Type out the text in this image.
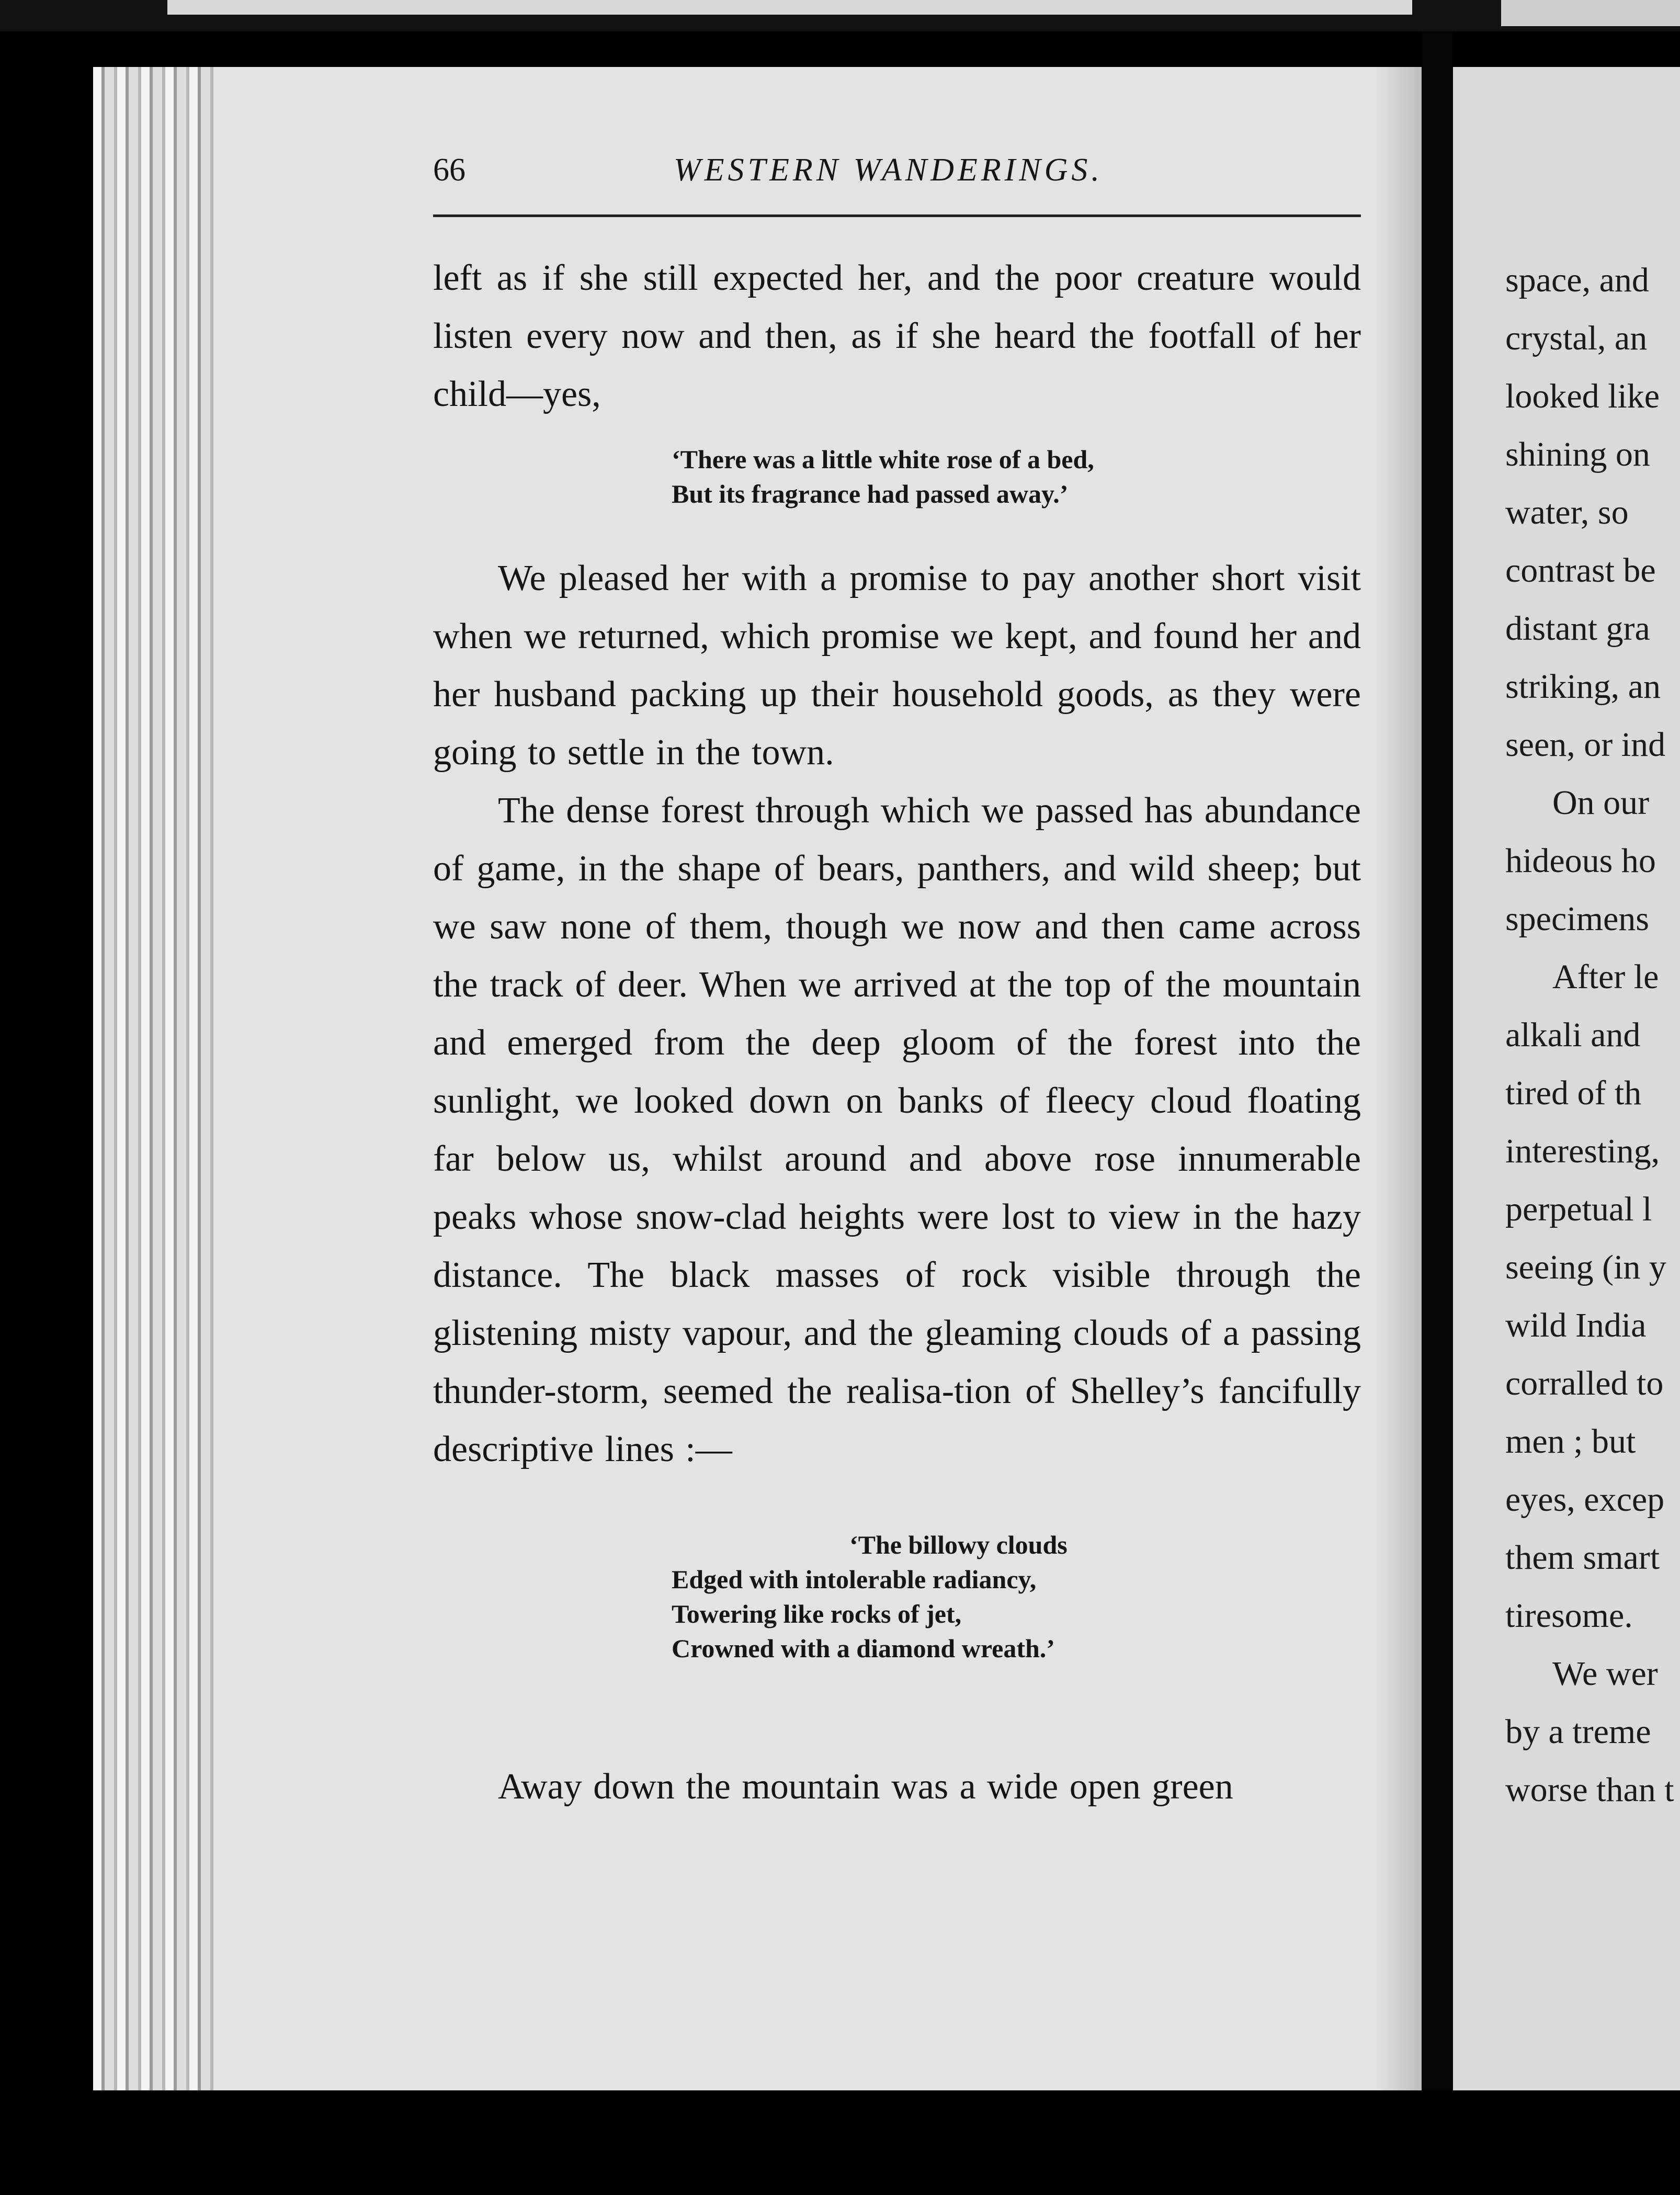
space, and
crystal, an
looked like
shining on
water, so
contrast be
distant gra
striking, an
seen, or ind
On our
hideous ho
specimens
After le
alkali and
tired of th
interesting,
perpetual l
seeing (in y
wild India
corralled to
men ; but
eyes, excep
them smart
tiresome.
We wer
by a treme
worse than t
66	WESTERN WANDERINGS.

left as if she still expected her, and the poor creature would listen every now and then, as if she heard the footfall of her child—yes,

‘There was a little white rose of a bed,
But its fragrance had passed away.’

We pleased her with a promise to pay another short visit when we returned, which promise we kept, and found her and her husband packing up their household goods, as they were going to settle in the town.

The dense forest through which we passed has abundance of game, in the shape of bears, panthers, and wild sheep; but we saw none of them, though we now and then came across the track of deer. When we arrived at the top of the mountain and emerged from the deep gloom of the forest into the sunlight, we looked down on banks of fleecy cloud floating far below us, whilst around and above rose innumerable peaks whose snow-clad heights were lost to view in the hazy distance. The black masses of rock visible through the glistening misty vapour, and the gleaming clouds of a passing thunder-storm, seemed the realisa-tion of Shelley’s fancifully descriptive lines :—

‘The billowy clouds
Edged with intolerable radiancy,
Towering like rocks of jet,
Crowned with a diamond wreath.’

Away down the mountain was a wide open green
